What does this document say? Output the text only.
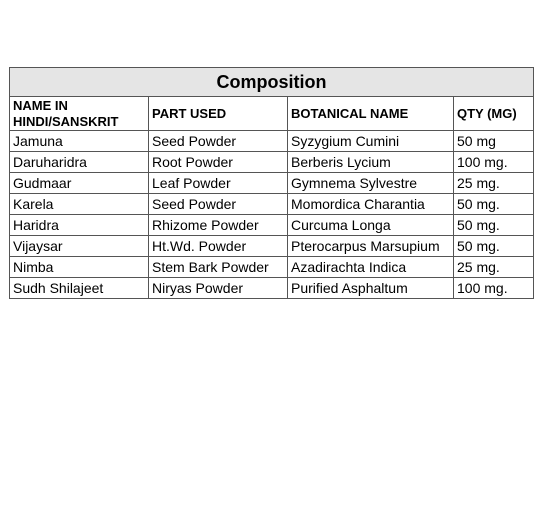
Composition			
NAME IN HINDI/SANSKRIT	PART USED	BOTANICAL NAME	QTY (MG)
Jamuna	Seed Powder	Syzygium Cumini	50 mg
Daruharidra	Root Powder	Berberis Lycium	100 mg.
Gudmaar	Leaf Powder	Gymnema Sylvestre	25 mg.
Karela	Seed Powder	Momordica Charantia	50 mg.
Haridra	Rhizome Powder	Curcuma Longa	50 mg.
Vijaysar	Ht.Wd. Powder	Pterocarpus Marsupium	50 mg.
Nimba	Stem Bark Powder	Azadirachta Indica	25 mg.
Sudh Shilajeet	Niryas Powder	Purified Asphaltum	100 mg.
